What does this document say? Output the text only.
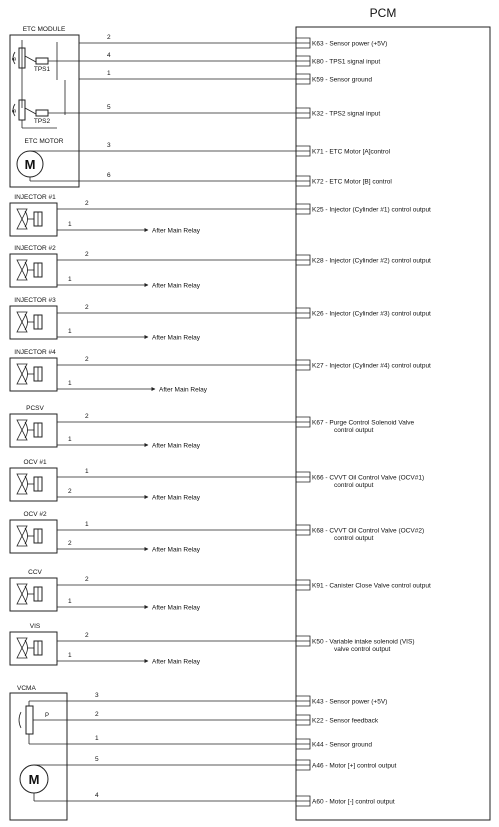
PCM
ETC MODULE
B
TPS1
B
TPS2
ETC MOTOR
M
VCMA
P
M
2
K63 - Sensor power (+5V)
4
K80 - TPS1 signal input
1
K59 - Sensor ground
5
K32 - TPS2 signal input
3
K71 - ETC Motor [A]control
6
K72 - ETC Motor [B] control
2
K25 - Injector (Cylinder #1) control output
2
K28 - Injector (Cylinder #2) control output
2
K26 - Injector (Cylinder #3) control output
2
K27 - Injector (Cylinder #4) control output
2
K67 - Purge Control Solenoid Valve
control output
1
K66 - CVVT Oil Control Valve (OCV#1)
control output
1
K68 - CVVT Oil Control Valve (OCV#2)
control output
2
K91 - Canister Close Valve control output
2
K50 - Variable intake solenoid (VIS)
valve control output
3
K43 - Sensor power (+5V)
2
K22 - Sensor feedback
1
K44 - Sensor ground
5
A46 - Motor [+] control output
4
A60 - Motor [-] control output
INJECTOR #1
1
After Main Relay
INJECTOR #2
1
After Main Relay
INJECTOR #3
1
After Main Relay
INJECTOR #4
1
After Main Relay
PCSV
1
After Main Relay
OCV #1
2
After Main Relay
OCV #2
2
After Main Relay
CCV
1
After Main Relay
VIS
1
After Main Relay
